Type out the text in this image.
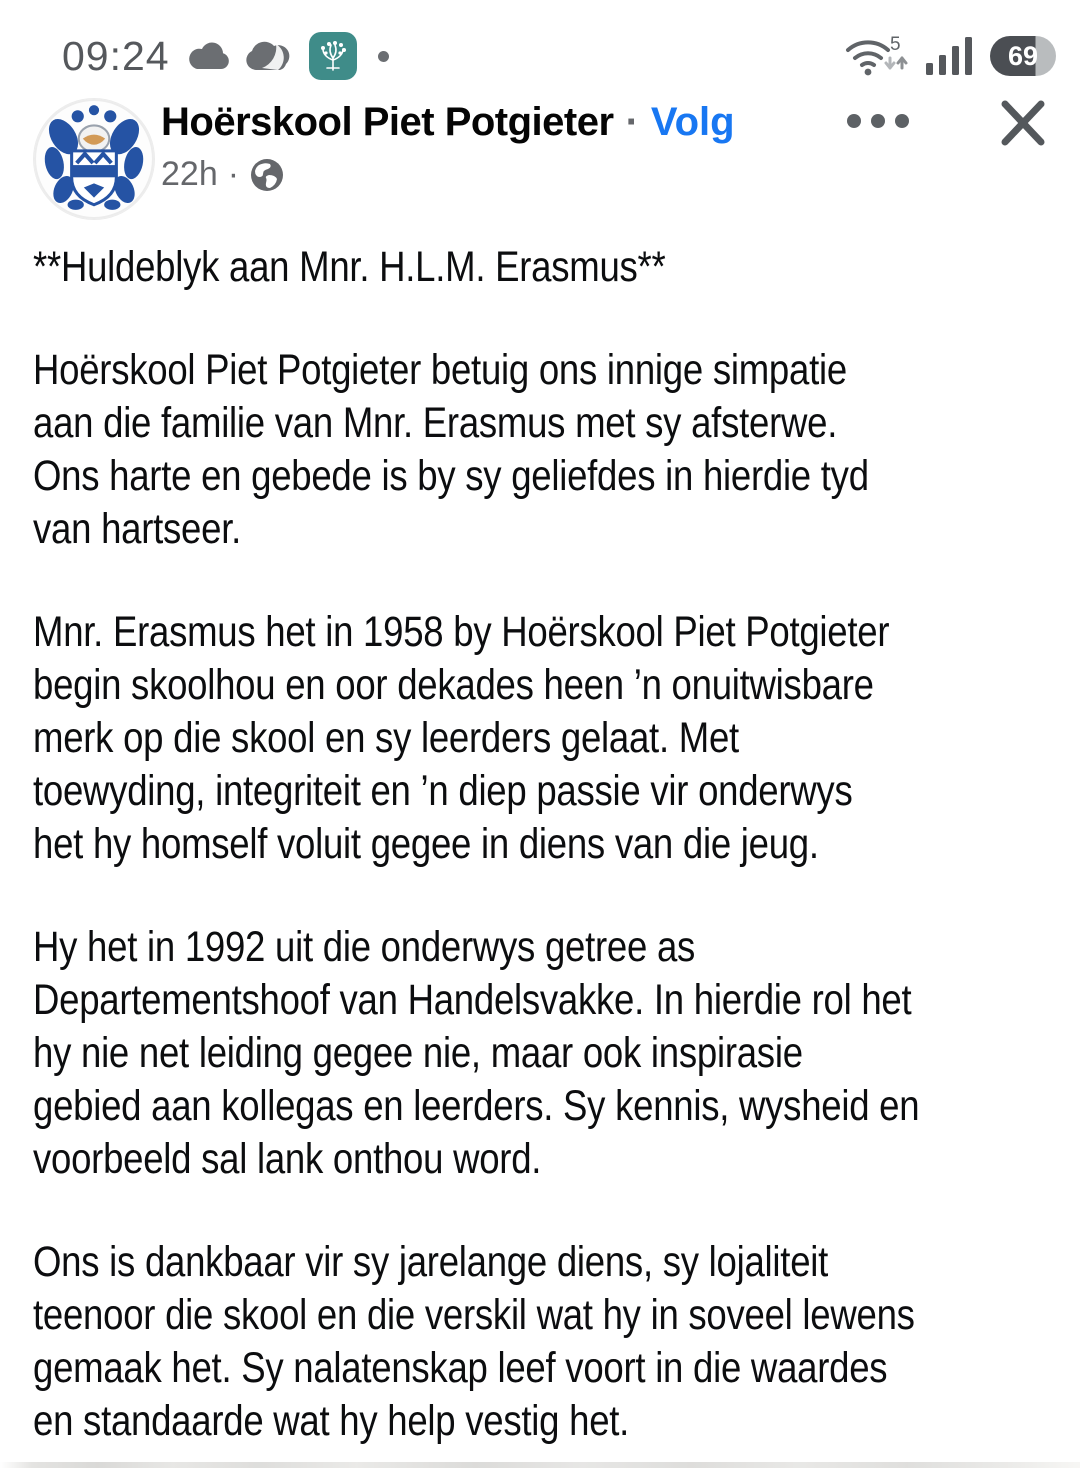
09:24	5	69
Hoërskool Piet Potgieter · Volg
22h ·
**Huldeblyk aan Mnr. H.L.M. Erasmus**
Hoërskool Piet Potgieter betuig ons innige simpatie
aan die familie van Mnr. Erasmus met sy afsterwe.
Ons harte en gebede is by sy geliefdes in hierdie tyd
van hartseer.
Mnr. Erasmus het in 1958 by Hoërskool Piet Potgieter
begin skoolhou en oor dekades heen ’n onuitwisbare
merk op die skool en sy leerders gelaat. Met
toewyding, integriteit en ’n diep passie vir onderwys
het hy homself voluit gegee in diens van die jeug.
Hy het in 1992 uit die onderwys getree as
Departementshoof van Handelsvakke. In hierdie rol het
hy nie net leiding gegee nie, maar ook inspirasie
gebied aan kollegas en leerders. Sy kennis, wysheid en
voorbeeld sal lank onthou word.
Ons is dankbaar vir sy jarelange diens, sy lojaliteit
teenoor die skool en die verskil wat hy in soveel lewens
gemaak het. Sy nalatenskap leef voort in die waardes
en standaarde wat hy help vestig het.
